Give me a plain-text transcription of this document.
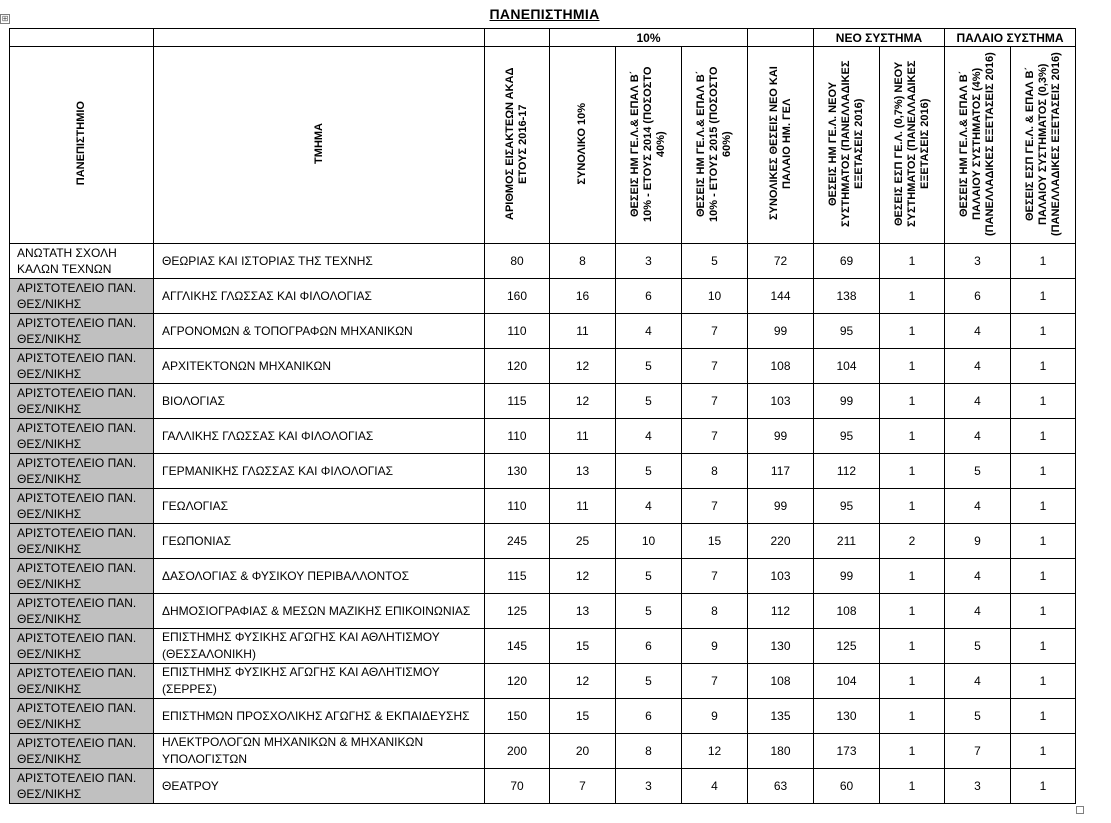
⊞	ΠΑΝΕΠΙΣΤΗΜΙΑ
			10%				ΝΕΟ ΣΥΣΤΗΜΑ		ΠΑΛΑΙΟ ΣΥΣΤΗΜΑ	
ΠΑΝΕΠΙΣΤΗΜΙΟ	ΤΜΗΜΑ	ΑΡΙΘΜΟΣ ΕΙΣΑΚΤΕΩΝ ΑΚΑΔ ΕΤΟΥΣ 2016-17	ΣΥΝΟΛΙΚΟ 10%	ΘΕΣΕΙΣ ΗΜ ΓΕ.Λ.& ΕΠΑΛ Β΄ 10% - ΕΤΟΥΣ 2014 (ΠΟΣΟΣΤΟ 40%)	ΘΕΣΕΙΣ ΗΜ ΓΕ.Λ.& ΕΠΑΛ Β΄ 10% - ΕΤΟΥΣ 2015 (ΠΟΣΟΣΤΟ 60%)	ΣΥΝΟΛΙΚΕΣ ΘΕΣΕΙΣ ΝΕΟ ΚΑΙ ΠΑΛΑΙΟ ΗΜ. ΓΕΛ	ΘΕΣΕΙΣ ΗΜ ΓΕ.Λ. ΝΕΟΥ ΣΥΣΤΗΜΑΤΟΣ (ΠΑΝΕΛΛΑΔΙΚΕΣ ΕΞΕΤΑΣΕΙΣ 2016)	ΘΕΣΕΙΣ ΕΣΠ ΓΕ.Λ. (0,7%) ΝΕΟΥ ΣΥΣΤΗΜΑΤΟΣ (ΠΑΝΕΛΛΑΔΙΚΕΣ ΕΞΕΤΑΣΕΙΣ 2016)	ΘΕΣΕΙΣ ΗΜ ΓΕ.Λ.& ΕΠΑΛ Β΄ ΠΑΛΑΙΟΥ ΣΥΣΤΗΜΑΤΟΣ (4%) (ΠΑΝΕΛΛΑΔΙΚΕΣ ΕΞΕΤΑΣΕΙΣ 2016)	ΘΕΣΕΙΣ ΕΣΠ ΓΕ.Λ. & ΕΠΑΛ Β΄ ΠΑΛΑΙΟΥ ΣΥΣΤΗΜΑΤΟΣ (0,3%) (ΠΑΝΕΛΛΑΔΙΚΕΣ ΕΞΕΤΑΣΕΙΣ 2016)
ΑΝΩΤΑΤΗ ΣΧΟΛΗ ΚΑΛΩΝ ΤΕΧΝΩΝ	ΘΕΩΡΙΑΣ ΚΑΙ ΙΣΤΟΡΙΑΣ ΤΗΣ ΤΕΧΝΗΣ	80	8	3	5	72	69	1	3	1
ΑΡΙΣΤΟΤΕΛΕΙΟ ΠΑΝ. ΘΕΣ/ΝΙΚΗΣ	ΑΓΓΛΙΚΗΣ ΓΛΩΣΣΑΣ ΚΑΙ ΦΙΛΟΛΟΓΙΑΣ	160	16	6	10	144	138	1	6	1
ΑΡΙΣΤΟΤΕΛΕΙΟ ΠΑΝ. ΘΕΣ/ΝΙΚΗΣ	ΑΓΡΟΝΟΜΩΝ & ΤΟΠΟΓΡΑΦΩΝ ΜΗΧΑΝΙΚΩΝ	110	11	4	7	99	95	1	4	1
ΑΡΙΣΤΟΤΕΛΕΙΟ ΠΑΝ. ΘΕΣ/ΝΙΚΗΣ	ΑΡΧΙΤΕΚΤΟΝΩΝ ΜΗΧΑΝΙΚΩΝ	120	12	5	7	108	104	1	4	1
ΑΡΙΣΤΟΤΕΛΕΙΟ ΠΑΝ. ΘΕΣ/ΝΙΚΗΣ	ΒΙΟΛΟΓΙΑΣ	115	12	5	7	103	99	1	4	1
ΑΡΙΣΤΟΤΕΛΕΙΟ ΠΑΝ. ΘΕΣ/ΝΙΚΗΣ	ΓΑΛΛΙΚΗΣ ΓΛΩΣΣΑΣ ΚΑΙ ΦΙΛΟΛΟΓΙΑΣ	110	11	4	7	99	95	1	4	1
ΑΡΙΣΤΟΤΕΛΕΙΟ ΠΑΝ. ΘΕΣ/ΝΙΚΗΣ	ΓΕΡΜΑΝΙΚΗΣ ΓΛΩΣΣΑΣ ΚΑΙ ΦΙΛΟΛΟΓΙΑΣ	130	13	5	8	117	112	1	5	1
ΑΡΙΣΤΟΤΕΛΕΙΟ ΠΑΝ. ΘΕΣ/ΝΙΚΗΣ	ΓΕΩΛΟΓΙΑΣ	110	11	4	7	99	95	1	4	1
ΑΡΙΣΤΟΤΕΛΕΙΟ ΠΑΝ. ΘΕΣ/ΝΙΚΗΣ	ΓΕΩΠΟΝΙΑΣ	245	25	10	15	220	211	2	9	1
ΑΡΙΣΤΟΤΕΛΕΙΟ ΠΑΝ. ΘΕΣ/ΝΙΚΗΣ	ΔΑΣΟΛΟΓΙΑΣ & ΦΥΣΙΚΟΥ ΠΕΡΙΒΑΛΛΟΝΤΟΣ	115	12	5	7	103	99	1	4	1
ΑΡΙΣΤΟΤΕΛΕΙΟ ΠΑΝ. ΘΕΣ/ΝΙΚΗΣ	ΔΗΜΟΣΙΟΓΡΑΦΙΑΣ & ΜΕΣΩΝ ΜΑΖΙΚΗΣ ΕΠΙΚΟΙΝΩΝΙΑΣ	125	13	5	8	112	108	1	4	1
ΑΡΙΣΤΟΤΕΛΕΙΟ ΠΑΝ. ΘΕΣ/ΝΙΚΗΣ	ΕΠΙΣΤΗΜΗΣ ΦΥΣΙΚΗΣ ΑΓΩΓΗΣ ΚΑΙ ΑΘΛΗΤΙΣΜΟΥ (ΘΕΣΣΑΛΟΝΙΚΗ)	145	15	6	9	130	125	1	5	1
ΑΡΙΣΤΟΤΕΛΕΙΟ ΠΑΝ. ΘΕΣ/ΝΙΚΗΣ	ΕΠΙΣΤΗΜΗΣ ΦΥΣΙΚΗΣ ΑΓΩΓΗΣ ΚΑΙ ΑΘΛΗΤΙΣΜΟΥ (ΣΕΡΡΕΣ)	120	12	5	7	108	104	1	4	1
ΑΡΙΣΤΟΤΕΛΕΙΟ ΠΑΝ. ΘΕΣ/ΝΙΚΗΣ	ΕΠΙΣΤΗΜΩΝ ΠΡΟΣΧΟΛΙΚΗΣ ΑΓΩΓΗΣ & ΕΚΠΑΙΔΕΥΣΗΣ	150	15	6	9	135	130	1	5	1
ΑΡΙΣΤΟΤΕΛΕΙΟ ΠΑΝ. ΘΕΣ/ΝΙΚΗΣ	ΗΛΕΚΤΡΟΛΟΓΩΝ ΜΗΧΑΝΙΚΩΝ & ΜΗΧΑΝΙΚΩΝ ΥΠΟΛΟΓΙΣΤΩΝ	200	20	8	12	180	173	1	7	1
ΑΡΙΣΤΟΤΕΛΕΙΟ ΠΑΝ. ΘΕΣ/ΝΙΚΗΣ	ΘΕΑΤΡΟΥ	70	7	3	4	63	60	1	3	1
